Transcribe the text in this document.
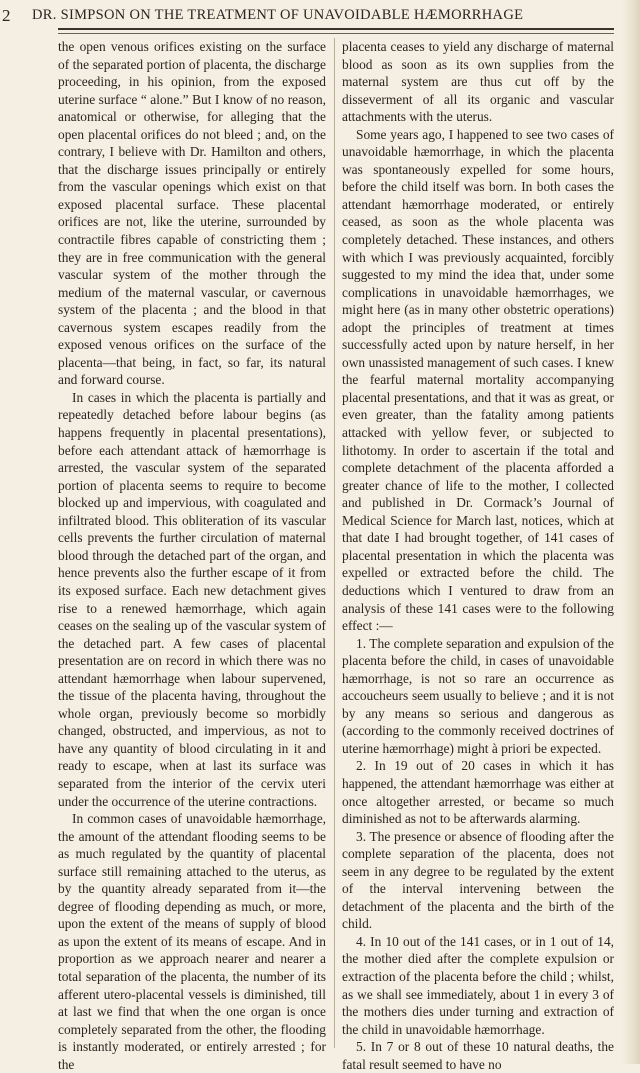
2 DR. SIMPSON ON THE TREATMENT OF UNAVOIDABLE HÆMORRHAGE

the open venous orifices existing on the surface of the separated portion of placenta, the discharge proceeding, in his opinion, from the exposed uterine surface “ alone.” But I know of no reason, anatomical or otherwise, for alleging that the open placental orifices do not bleed ; and, on the contrary, I believe with Dr. Hamilton and others, that the discharge issues principally or entirely from the vascular openings which exist on that exposed placental surface. These placental orifices are not, like the uterine, surrounded by contractile fibres capable of constricting them ; they are in free communication with the general vascular system of the mother through the medium of the maternal vascular, or cavernous system of the placenta ; and the blood in that cavernous system escapes readily from the exposed venous orifices on the surface of the placenta—that being, in fact, so far, its natural and forward course.

In cases in which the placenta is partially and repeatedly detached before labour begins (as happens frequently in placental presentations), before each attendant attack of hæmorrhage is arrested, the vascular system of the separated portion of placenta seems to require to become blocked up and impervious, with coagulated and infiltrated blood. This obliteration of its vascular cells prevents the further circulation of maternal blood through the detached part of the organ, and hence prevents also the further escape of it from its exposed surface. Each new detachment gives rise to a renewed hæmorrhage, which again ceases on the sealing up of the vascular system of the detached part. A few cases of placental presentation are on record in which there was no attendant hæmorrhage when labour supervened, the tissue of the placenta having, throughout the whole organ, previously become so morbidly changed, obstructed, and impervious, as not to have any quantity of blood circulating in it and ready to escape, when at last its surface was separated from the interior of the cervix uteri under the occurrence of the uterine contractions.

In common cases of unavoidable hæmorrhage, the amount of the attendant flooding seems to be as much regulated by the quantity of placental surface still remaining attached to the uterus, as by the quantity already separated from it—the degree of flooding depending as much, or more, upon the extent of the means of supply of blood as upon the extent of its means of escape. And in proportion as we approach nearer and nearer a total separation of the placenta, the number of its afferent utero-placental vessels is diminished, till at last we find that when the one organ is once completely separated from the other, the flooding is instantly moderated, or entirely arrested ; for the

placenta ceases to yield any discharge of maternal blood as soon as its own supplies from the maternal system are thus cut off by the disseverment of all its organic and vascular attachments with the uterus.

Some years ago, I happened to see two cases of unavoidable hæmorrhage, in which the placenta was spontaneously expelled for some hours, before the child itself was born. In both cases the attendant hæmorrhage moderated, or entirely ceased, as soon as the whole placenta was completely detached. These instances, and others with which I was previously acquainted, forcibly suggested to my mind the idea that, under some complications in unavoidable hæmorrhages, we might here (as in many other obstetric operations) adopt the principles of treatment at times successfully acted upon by nature herself, in her own unassisted management of such cases. I knew the fearful maternal mortality accompanying placental presentations, and that it was as great, or even greater, than the fatality among patients attacked with yellow fever, or subjected to lithotomy. In order to ascertain if the total and complete detachment of the placenta afforded a greater chance of life to the mother, I collected and published in Dr. Cormack’s Journal of Medical Science for March last, notices, which at that date I had brought together, of 141 cases of placental presentation in which the placenta was expelled or extracted before the child. The deductions which I ventured to draw from an analysis of these 141 cases were to the following effect :—

1. The complete separation and expulsion of the placenta before the child, in cases of unavoidable hæmorrhage, is not so rare an occurrence as accoucheurs seem usually to believe ; and it is not by any means so serious and dangerous as (according to the commonly received doctrines of uterine hæmorrhage) might à priori be expected.

2. In 19 out of 20 cases in which it has happened, the attendant hæmorrhage was either at once altogether arrested, or became so much diminished as not to be afterwards alarming.

3. The presence or absence of flooding after the complete separation of the placenta, does not seem in any degree to be regulated by the extent of the interval intervening between the detachment of the placenta and the birth of the child.

4. In 10 out of the 141 cases, or in 1 out of 14, the mother died after the complete expulsion or extraction of the placenta before the child ; whilst, as we shall see immediately, about 1 in every 3 of the mothers dies under turning and extraction of the child in unavoidable hæmorrhage.

5. In 7 or 8 out of these 10 natural deaths, the fatal result seemed to have no
